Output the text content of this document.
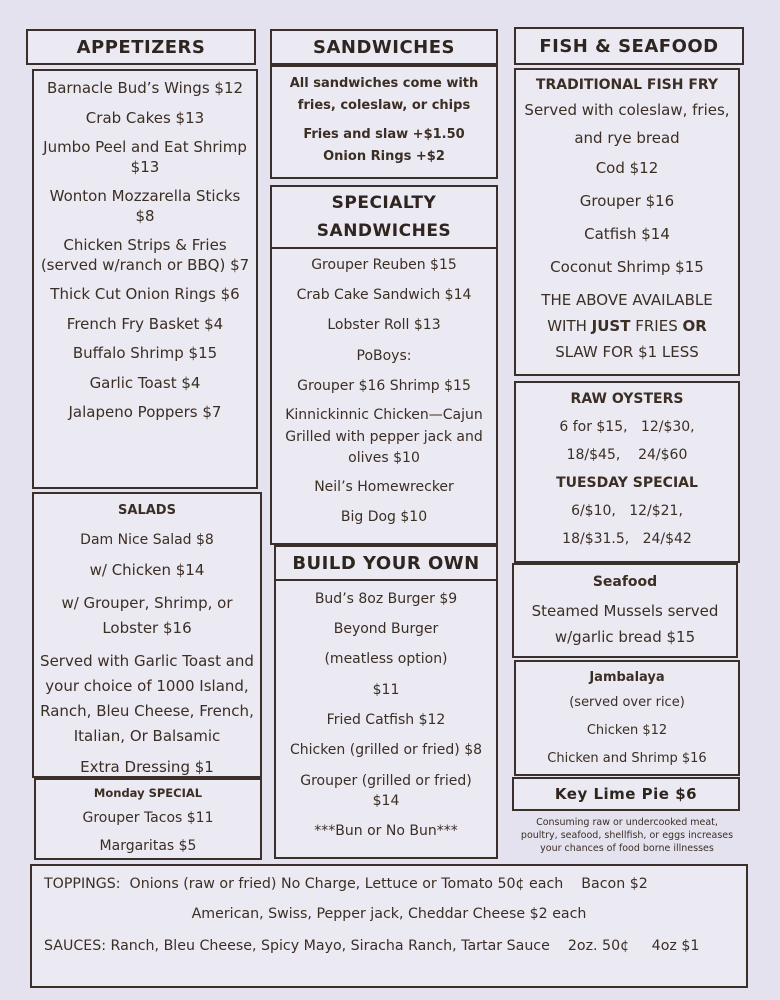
APPETIZERS
Barnacle Bud’s Wings $12
Crab Cakes $13
Jumbo Peel and Eat Shrimp $13
Wonton Mozzarella Sticks $8
Chicken Strips & Fries (served w/ranch or BBQ) $7
Thick Cut Onion Rings $6
French Fry Basket $4
Buffalo Shrimp $15
Garlic Toast $4
Jalapeno Poppers $7
SANDWICHES
All sandwiches come with
fries, coleslaw, or chips
Fries and slaw +$1.50
Onion Rings +$2
SPECIALTY
SANDWICHES
Grouper Reuben $15
Crab Cake Sandwich $14
Lobster Roll $13
PoBoys:
Grouper $16 Shrimp $15
Kinnickinnic Chicken—Cajun Grilled with pepper jack and olives $10
Neil’s Homewrecker
Big Dog $10
BUILD YOUR OWN
Bud’s 8oz Burger $9
Beyond Burger
(meatless option)
$11
Fried Catfish $12
Chicken (grilled or fried) $8
Grouper (grilled or fried) $14
***Bun or No Bun***
FISH & SEAFOOD
TRADITIONAL FISH FRY
Served with coleslaw, fries,
and rye bread
Cod $12
Grouper $16
Catfish $14
Coconut Shrimp $15
THE ABOVE AVAILABLE
WITH JUST FRIES OR
SLAW FOR $1 LESS
RAW OYSTERS
6 for $15,   12/$30,
18/$45,    24/$60
TUESDAY SPECIAL
6/$10,   12/$21,
18/$31.5,   24/$42
Seafood
Steamed Mussels served
w/garlic bread $15
Jambalaya
(served over rice)
Chicken $12
Chicken and Shrimp $16
Key Lime Pie $6
Consuming raw or undercooked meat,
poultry, seafood, shellfish, or eggs increases
your chances of food borne illnesses
SALADS
Dam Nice Salad $8
w/ Chicken $14
w/ Grouper, Shrimp, or Lobster $16
Served with Garlic Toast and your choice of 1000 Island, Ranch, Bleu Cheese, French, Italian, Or Balsamic
Extra Dressing $1
Monday SPECIAL
Grouper Tacos $11
Margaritas $5
TOPPINGS:  Onions (raw or fried) No Charge, Lettuce or Tomato 50¢ each    Bacon $2
American, Swiss, Pepper jack, Cheddar Cheese $2 each
SAUCES: Ranch, Bleu Cheese, Spicy Mayo, Siracha Ranch, Tartar Sauce    2oz. 50¢     4oz $1
